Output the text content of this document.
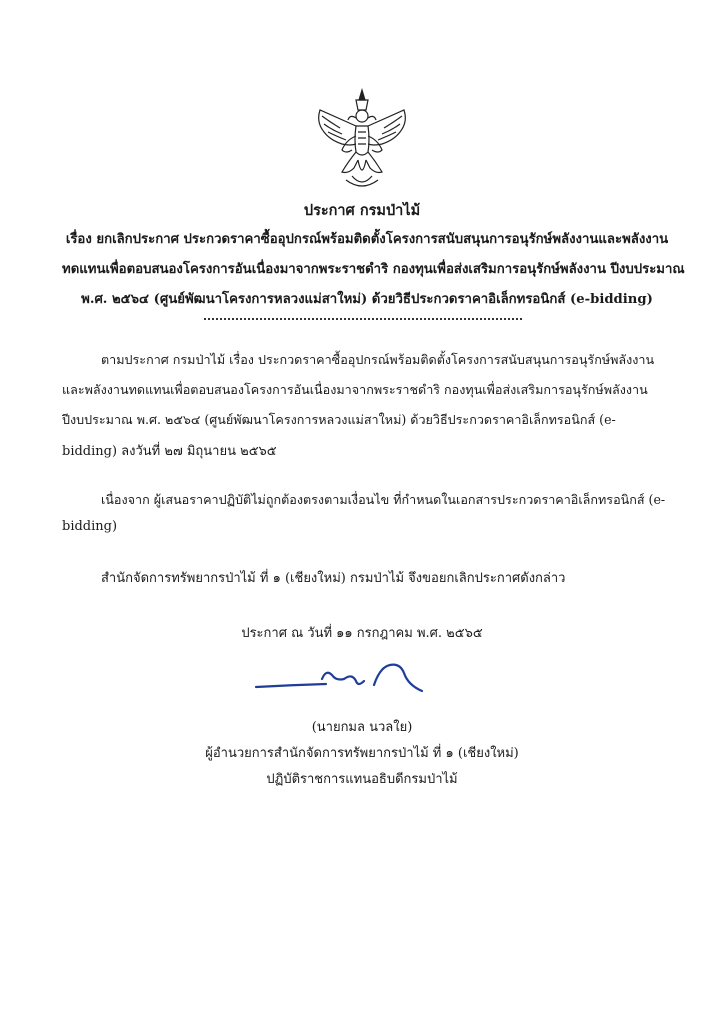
ประกาศ กรมป่าไม้
เรื่อง ยกเลิกประกาศ ประกวดราคาซื้ออุปกรณ์พร้อมติดตั้งโครงการสนับสนุนการอนุรักษ์พลังงานและพลังงาน
ทดแทนเพื่อตอบสนองโครงการอันเนื่องมาจากพระราชดำริ กองทุนเพื่อส่งเสริมการอนุรักษ์พลังงาน ปีงบประมาณ
พ.ศ. ๒๕๖๔ (ศูนย์พัฒนาโครงการหลวงแม่สาใหม่) ด้วยวิธีประกวดราคาอิเล็กทรอนิกส์ (e-bidding)
ตามประกาศ กรมป่าไม้ เรื่อง ประกวดราคาซื้ออุปกรณ์พร้อมติดตั้งโครงการสนับสนุนการอนุรักษ์พลังงาน
และพลังงานทดแทนเพื่อตอบสนองโครงการอันเนื่องมาจากพระราชดำริ กองทุนเพื่อส่งเสริมการอนุรักษ์พลังงาน
ปีงบประมาณ พ.ศ. ๒๕๖๔ (ศูนย์พัฒนาโครงการหลวงแม่สาใหม่) ด้วยวิธีประกวดราคาอิเล็กทรอนิกส์ (e-
bidding) ลงวันที่ ๒๗ มิถุนายน ๒๕๖๕
เนื่องจาก ผู้เสนอราคาปฏิบัติไม่ถูกต้องตรงตามเงื่อนไข ที่กำหนดในเอกสารประกวดราคาอิเล็กทรอนิกส์ (e-
bidding)
สำนักจัดการทรัพยากรป่าไม้ ที่ ๑ (เชียงใหม่) กรมป่าไม้ จึงขอยกเลิกประกาศดังกล่าว
ประกาศ ณ วันที่ ๑๑ กรกฎาคม พ.ศ. ๒๕๖๕
(นายกมล นวลใย)
ผู้อำนวยการสำนักจัดการทรัพยากรป่าไม้ ที่ ๑ (เชียงใหม่)
ปฏิบัติราชการแทนอธิบดีกรมป่าไม้
